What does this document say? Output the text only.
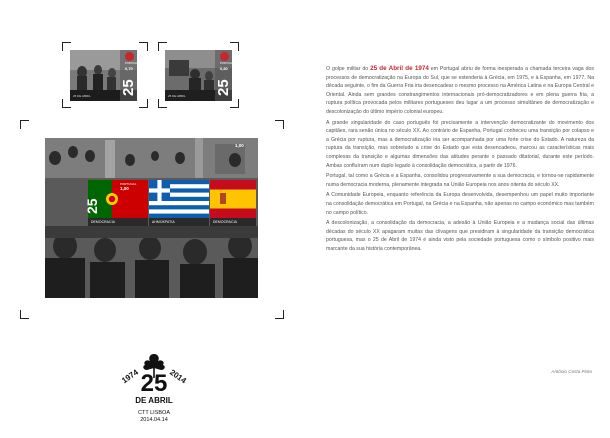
25
PORTUGAL
0,70
25 DE ABRIL	25
PORTUGAL
0,80
25 DE ABRIL
25
PORTUGAL
1,00
DEMOCRACIA	ΔΗΜΟΚΡΑΤΙΑ	DEMOCRACIA
1,00

O golpe militar do 25 de Abril de 1974 em Portugal abriu de forma inesperada a chamada terceira vaga dos processos de democratização na Europa do Sul, que se estenderia à Grécia, em 1975, e à Espanha, em 1977. Na década seguinte, o fim da Guerra Fria iria desencadear o mesmo processo na América Latina e na Europa Central e Oriental. Ainda sem grandes constrangimentos internacionais pró-democratizadores e em plena guerra fria, a ruptura política provocada pelos militares portugueses deu lugar a um processo simultâneo de democratização e descolonização do último império colonial europeu.

A grande singularidade do caso português foi precisamente a intervenção democratizante do movimento dos capitães, rara senão única no século XX. Ao contrário de Espanha, Portugal conheceu uma transição por colapso e a Grécia por ruptura, mas a democratização iria ser acompanhada por uma forte crise do Estado. A natureza da ruptura da transição, mas sobretudo a crise do Estado que esta desencadeou, marcou as características mais complexas da transição e algumas dimensões das atitudes perante o passado ditatorial, durante este período. Ambas confluíram num duplo legado à consolidação democrática, a partir de 1976.

Portugal, tal como a Grécia e a Espanha, consolidou progressivamente a sua democracia, e tornou-se rapidamente numa democracia moderna, plenamente integrada na União Europeia nos anos oitenta do século XX.

A Comunidade Europeia, enquanto referência da Europa desenvolvida, desempenhou um papel muito importante na consolidação democrática em Portugal, na Grécia e na Espanha, não apenas no campo económico mas também no campo político.

A descolonização, a consolidação da democracia, a adesão à União Europeia e a mudança social das últimas décadas do século XX apagaram muitas das clivagens que presidiram à singularidade da transição democrática portuguesa, mas o 25 de Abril de 1974 é ainda visto pela sociedade portuguesa como o símbolo positivo mais marcante da sua história contemporânea.

António Costa Pinto
1974	2014
25
DE ABRIL
CTT LISBOA
2014.04.14
